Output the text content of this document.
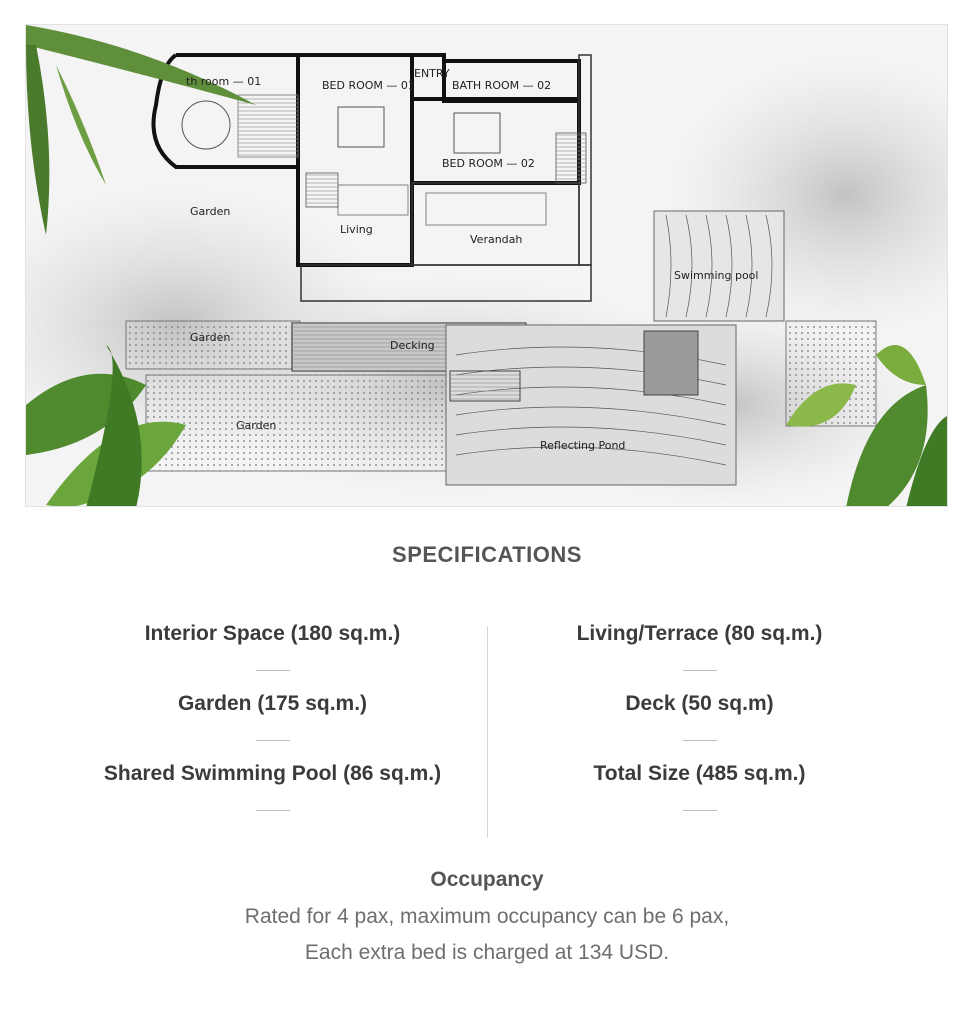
th room — 01	BED ROOM — 01
ENTRY
BATH ROOM — 02
BED ROOM — 02
Living
Verandah
Garden
Swimming pool
Garden
Decking
Garden
Reflecting Pond
SPECIFICATIONS
Interior Space (180 sq.m.)
Garden (175 sq.m.)
Shared Swimming Pool (86 sq.m.)
Living/Terrace (80 sq.m.)
Deck (50 sq.m)
Total Size (485 sq.m.)
Occupancy
Rated for 4 pax, maximum occupancy can be 6 pax,
Each extra bed is charged at 134 USD.
